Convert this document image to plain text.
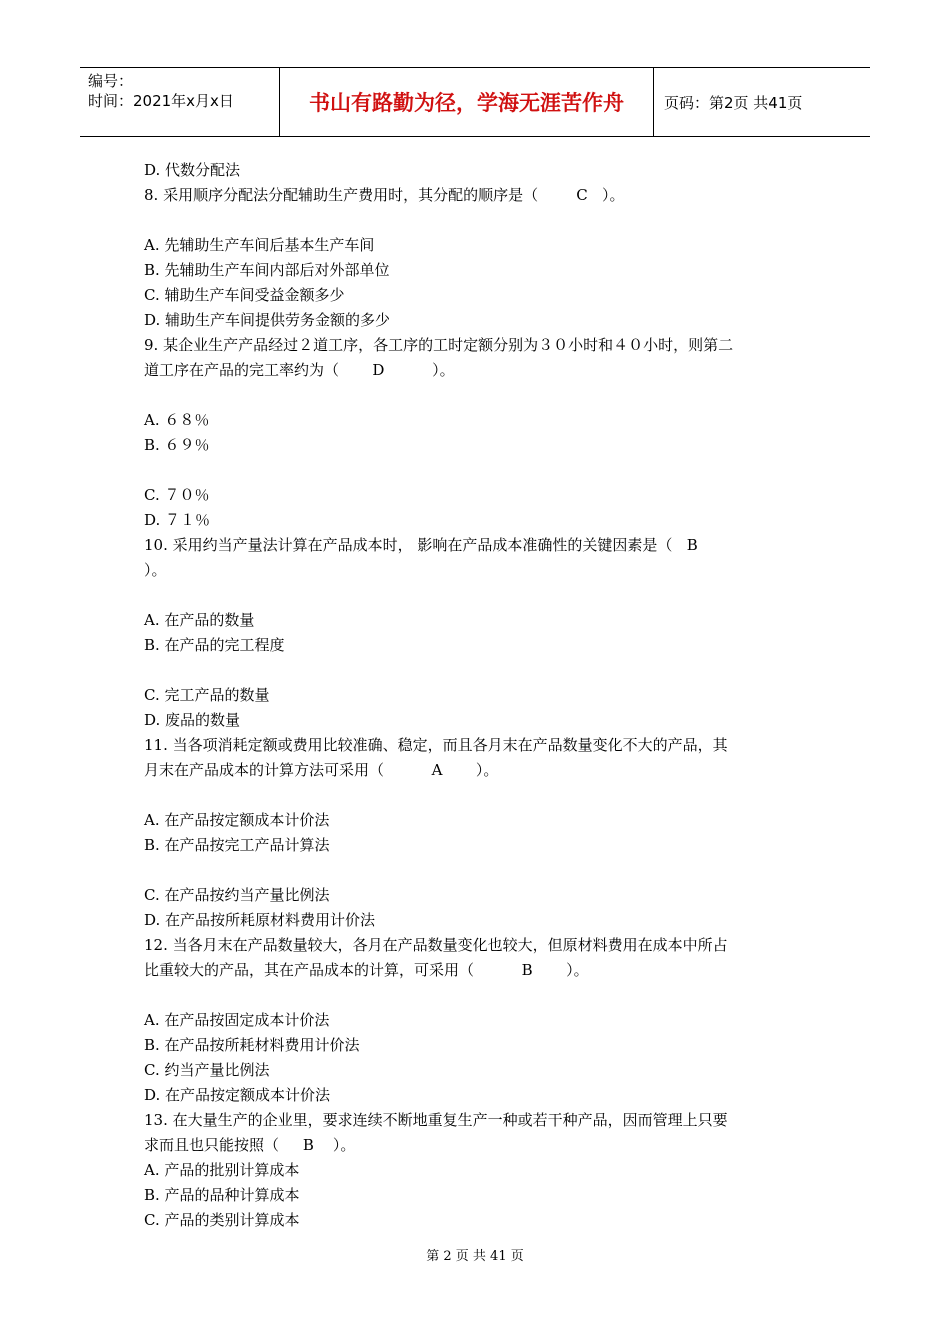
编号：
时间：2021年x月x日	书山有路勤为径，学海无涯苦作舟	页码：第2页 共41页

D. 代数分配法

8. 采用顺序分配法分配辅助生产费用时，其分配的顺序是（        C   ）。

A. 先辅助生产车间后基本生产车间

B. 先辅助生产车间内部后对外部单位

C. 辅助生产车间受益金额多少

D. 辅助生产车间提供劳务金额的多少

9. 某企业生产产品经过２道工序，各工序的工时定额分别为３０小时和４０小时，则第二

道工序在产品的完工率约为（       D          ）。

A. ６８％

B. ６９％

C. ７０％

D. ７１％

10. 采用约当产量法计算在产品成本时， 影响在产品成本准确性的关键因素是（   B

）。

A. 在产品的数量

B. 在产品的完工程度

C. 完工产品的数量

D. 废品的数量

11. 当各项消耗定额或费用比较准确、稳定，而且各月末在产品数量变化不大的产品，其

月末在产品成本的计算方法可采用（          A       ）。

A. 在产品按定额成本计价法

B. 在产品按完工产品计算法

C. 在产品按约当产量比例法

D. 在产品按所耗原材料费用计价法

12. 当各月末在产品数量较大，各月在产品数量变化也较大，但原材料费用在成本中所占

比重较大的产品，其在产品成本的计算，可采用（          B       ）。

A. 在产品按固定成本计价法

B. 在产品按所耗材料费用计价法

C. 约当产量比例法

D. 在产品按定额成本计价法

13. 在大量生产的企业里，要求连续不断地重复生产一种或若干种产品，因而管理上只要

求而且也只能按照（     B    ）。

A. 产品的批别计算成本

B. 产品的品种计算成本

C. 产品的类别计算成本

第 2 页 共 41 页
